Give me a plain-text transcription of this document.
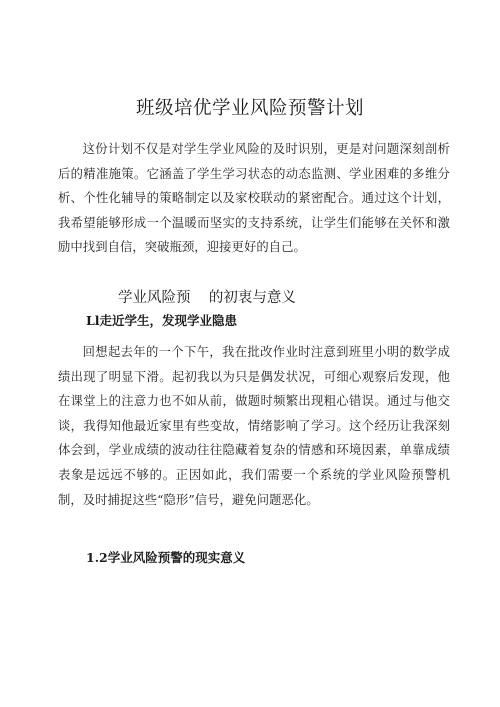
班级培优学业风险预警计划

这份计划不仅是对学生学业风险的及时识别，更是对问题深刻剖析后的精准施策。它涵盖了学生学习状态的动态监测、学业困难的多维分析、个性化辅导的策略制定以及家校联动的紧密配合。通过这个计划，我希望能够形成一个温暖而坚实的支持系统，让学生们能够在关怀和激励中找到自信，突破瓶颈，迎接更好的自己。

学业风险预    的初衷与意义
Ll走近学生，发现学业隐患

回想起去年的一个下午，我在批改作业时注意到班里小明的数学成绩出现了明显下滑。起初我以为只是偶发状况，可细心观察后发现，他在课堂上的注意力也不如从前，做题时频繁出现粗心错误。通过与他交谈，我得知他最近家里有些变故，情绪影响了学习。这个经历让我深刻体会到，学业成绩的波动往往隐藏着复杂的情感和环境因素，单靠成绩表象是远远不够的。正因如此，我们需要一个系统的学业风险预警机制，及时捕捉这些“隐形”信号，避免问题恶化。

1.2学业风险预警的现实意义
